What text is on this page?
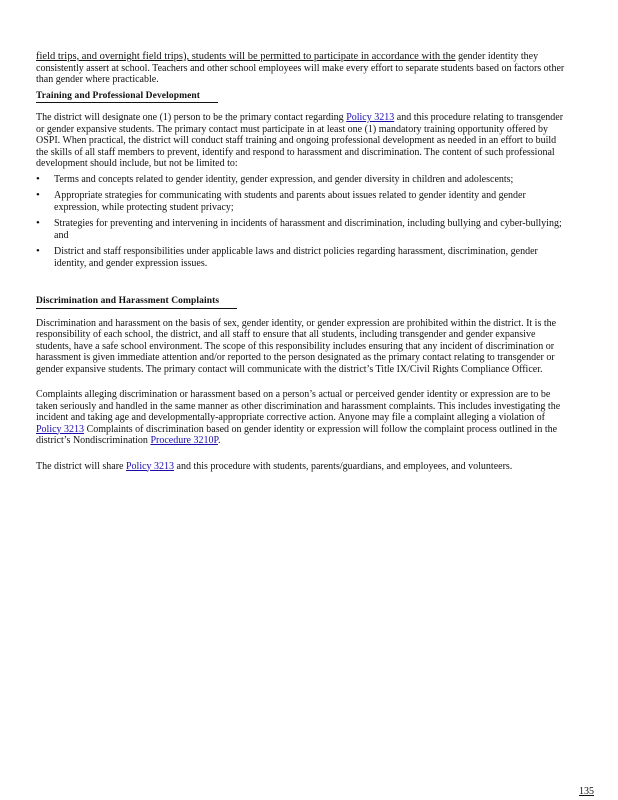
field trips, and overnight field trips), students will be permitted to participate in accordance with the gender identity they consistently assert at school. Teachers and other school employees will make every effort to separate students based on factors other than gender where practicable.

Training and Professional Development

The district will designate one (1) person to be the primary contact regarding Policy 3213 and this procedure relating to transgender or gender expansive students. The primary contact must participate in at least one (1) mandatory training opportunity offered by OSPI. When practical, the district will conduct staff training and ongoing professional development as needed in an effort to build the skills of all staff members to prevent, identify and respond to harassment and discrimination. The content of such professional development should include, but not be limited to:

• Terms and concepts related to gender identity, gender expression, and gender diversity in children and adolescents;
• Appropriate strategies for communicating with students and parents about issues related to gender identity and gender expression, while protecting student privacy;
• Strategies for preventing and intervening in incidents of harassment and discrimination, including bullying and cyber-bullying; and
• District and staff responsibilities under applicable laws and district policies regarding harassment, discrimination, gender identity, and gender expression issues.
Discrimination and Harassment Complaints

Discrimination and harassment on the basis of sex, gender identity, or gender expression are prohibited within the district. It is the responsibility of each school, the district, and all staff to ensure that all students, including transgender and gender expansive students, have a safe school environment. The scope of this responsibility includes ensuring that any incident of discrimination or harassment is given immediate attention and/or reported to the person designated as the primary contact relating to transgender or gender expansive students. The primary contact will communicate with the district’s Title IX/Civil Rights Compliance Officer.

Complaints alleging discrimination or harassment based on a person’s actual or perceived gender identity or expression are to be taken seriously and handled in the same manner as other discrimination and harassment complaints. This includes investigating the incident and taking age and developmentally-appropriate corrective action. Anyone may file a complaint alleging a violation of Policy 3213 Complaints of discrimination based on gender identity or expression will follow the complaint process outlined in the district’s Nondiscrimination Procedure 3210P.

The district will share Policy 3213 and this procedure with students, parents/guardians, and employees, and volunteers.

135
